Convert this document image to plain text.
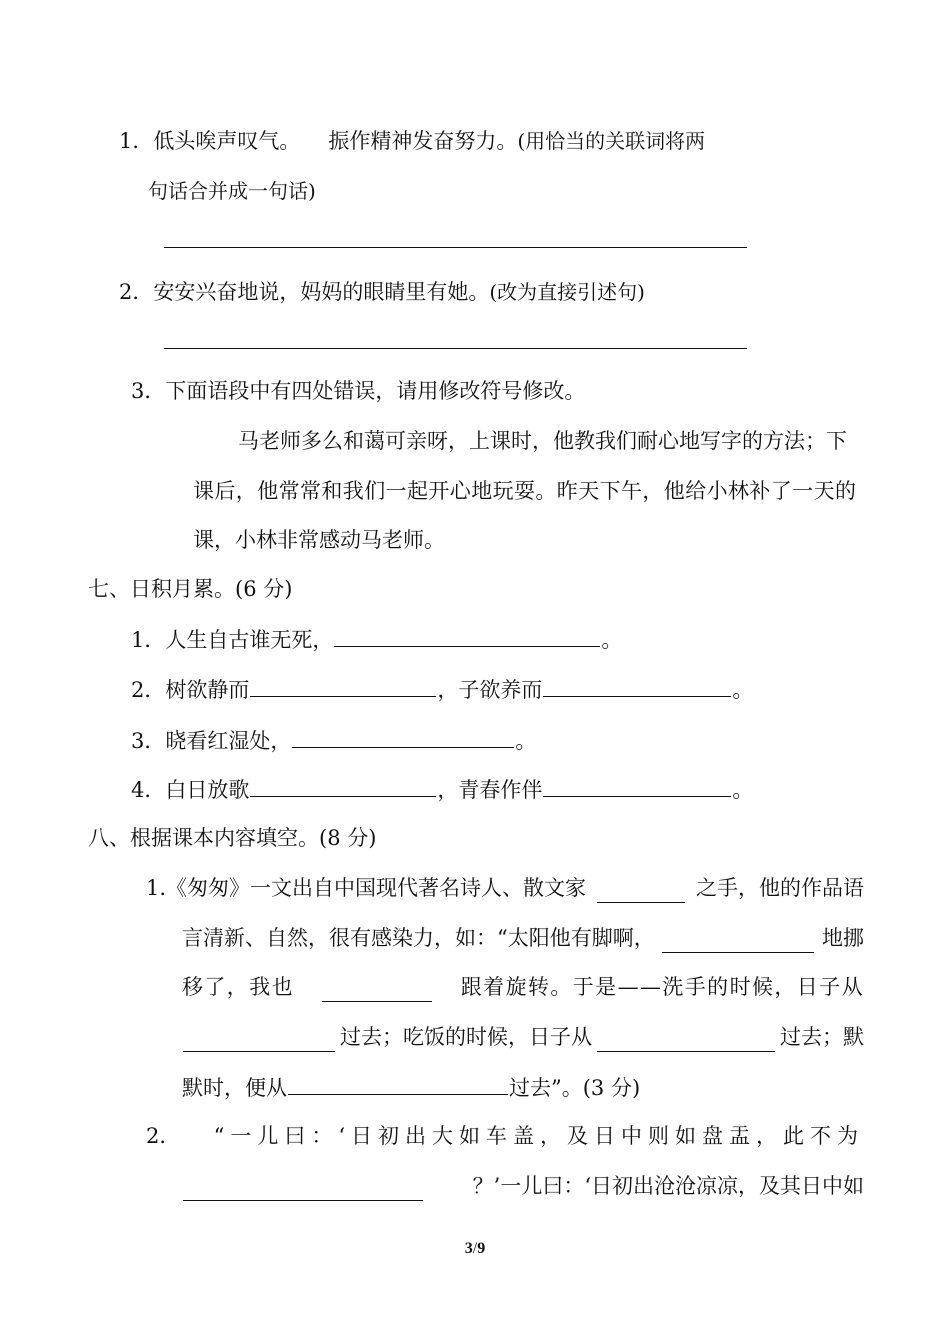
1．低头唉声叹气。 振作精神发奋努力。(用恰当的关联词将两
句话合并成一句话)
2．安安兴奋地说，妈妈的眼睛里有她。(改为直接引述句)
3．下面语段中有四处错误，请用修改符号修改。
马老师多么和蔼可亲呀，上课时，他教我们耐心地写字的方法；下
课后，他常常和我们一起开心地玩耍。昨天下午，他给小林补了一天的
课，小林非常感动马老师。
七、日积月累。(6 分)
1．人生自古谁无死，	。
2．树欲静而	，子欲养而	。
3．晓看红湿处，	。
4．白日放歌	，青春作伴	。
八、根据课本内容填空。(8 分)
1.《匆匆》一文出自中国现代著名诗人、散文家	之手，他的作品语
言清新、自然，很有感染力，如：“太阳他有脚啊，	地挪
移了，我也	跟着旋转。于是——洗手的时候，日子从
过去；吃饭的时候，日子从	过去；默
默时，便从	过去”。(3 分)
2． “一儿曰：‘日初出大如车盖，及日中则如盘盂，此不为
？’一儿曰：‘日初出沧沧凉凉，及其日中如
3/9
